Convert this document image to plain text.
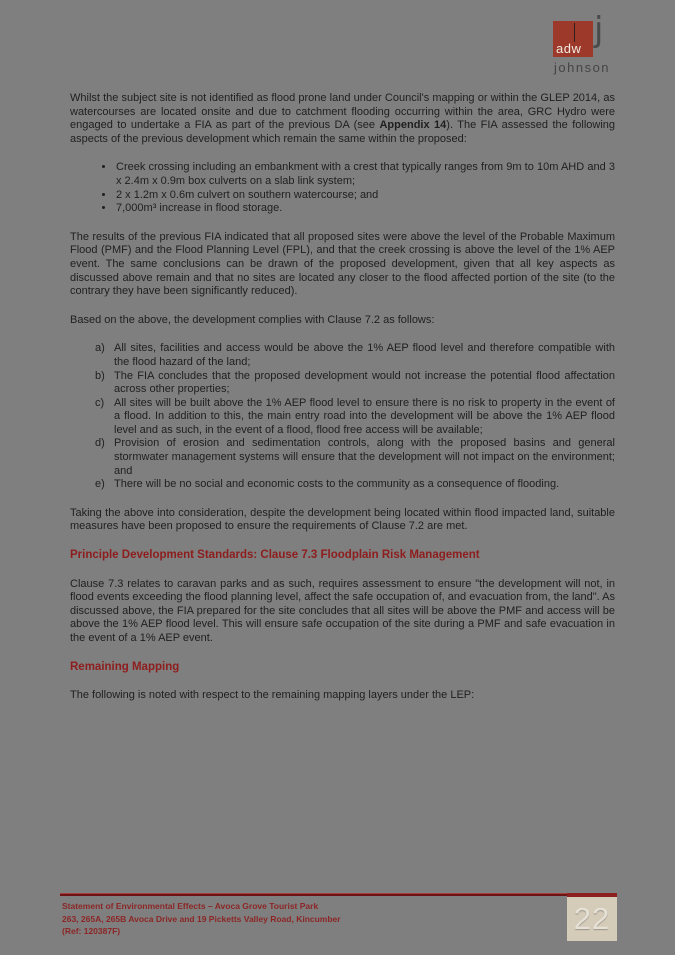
adw j
johnson

Whilst the subject site is not identified as flood prone land under Council's mapping or within the GLEP 2014, as watercourses are located onsite and due to catchment flooding occurring within the area, GRC Hydro were engaged to undertake a FIA as part of the previous DA (see Appendix 14). The FIA assessed the following aspects of the previous development which remain the same within the proposed:

• Creek crossing including an embankment with a crest that typically ranges from 9m to 10m AHD and 3 x 2.4m x 0.9m box culverts on a slab link system;
• 2 x 1.2m x 0.6m culvert on southern watercourse; and
• 7,000m³ increase in flood storage.

The results of the previous FIA indicated that all proposed sites were above the level of the Probable Maximum Flood (PMF) and the Flood Planning Level (FPL), and that the creek crossing is above the level of the 1% AEP event. The same conclusions can be drawn of the proposed development, given that all key aspects as discussed above remain and that no sites are located any closer to the flood affected portion of the site (to the contrary they have been significantly reduced).

Based on the above, the development complies with Clause 7.2 as follows:

a) All sites, facilities and access would be above the 1% AEP flood level and therefore compatible with the flood hazard of the land;
b) The FIA concludes that the proposed development would not increase the potential flood affectation across other properties;
c) All sites will be built above the 1% AEP flood level to ensure there is no risk to property in the event of a flood. In addition to this, the main entry road into the development will be above the 1% AEP flood level and as such, in the event of a flood, flood free access will be available;
d) Provision of erosion and sedimentation controls, along with the proposed basins and general stormwater management systems will ensure that the development will not impact on the environment; and
e) There will be no social and economic costs to the community as a consequence of flooding.

Taking the above into consideration, despite the development being located within flood impacted land, suitable measures have been proposed to ensure the requirements of Clause 7.2 are met.

Principle Development Standards: Clause 7.3 Floodplain Risk Management

Clause 7.3 relates to caravan parks and as such, requires assessment to ensure "the development will not, in flood events exceeding the flood planning level, affect the safe occupation of, and evacuation from, the land". As discussed above, the FIA prepared for the site concludes that all sites will be above the PMF and access will be above the 1% AEP flood level. This will ensure safe occupation of the site during a PMF and safe evacuation in the event of a 1% AEP event.

Remaining Mapping

The following is noted with respect to the remaining mapping layers under the LEP:

Statement of Environmental Effects – Avoca Grove Tourist Park
263, 265A, 265B Avoca Drive and 19 Picketts Valley Road, Kincumber
(Ref: 120387F)	22
